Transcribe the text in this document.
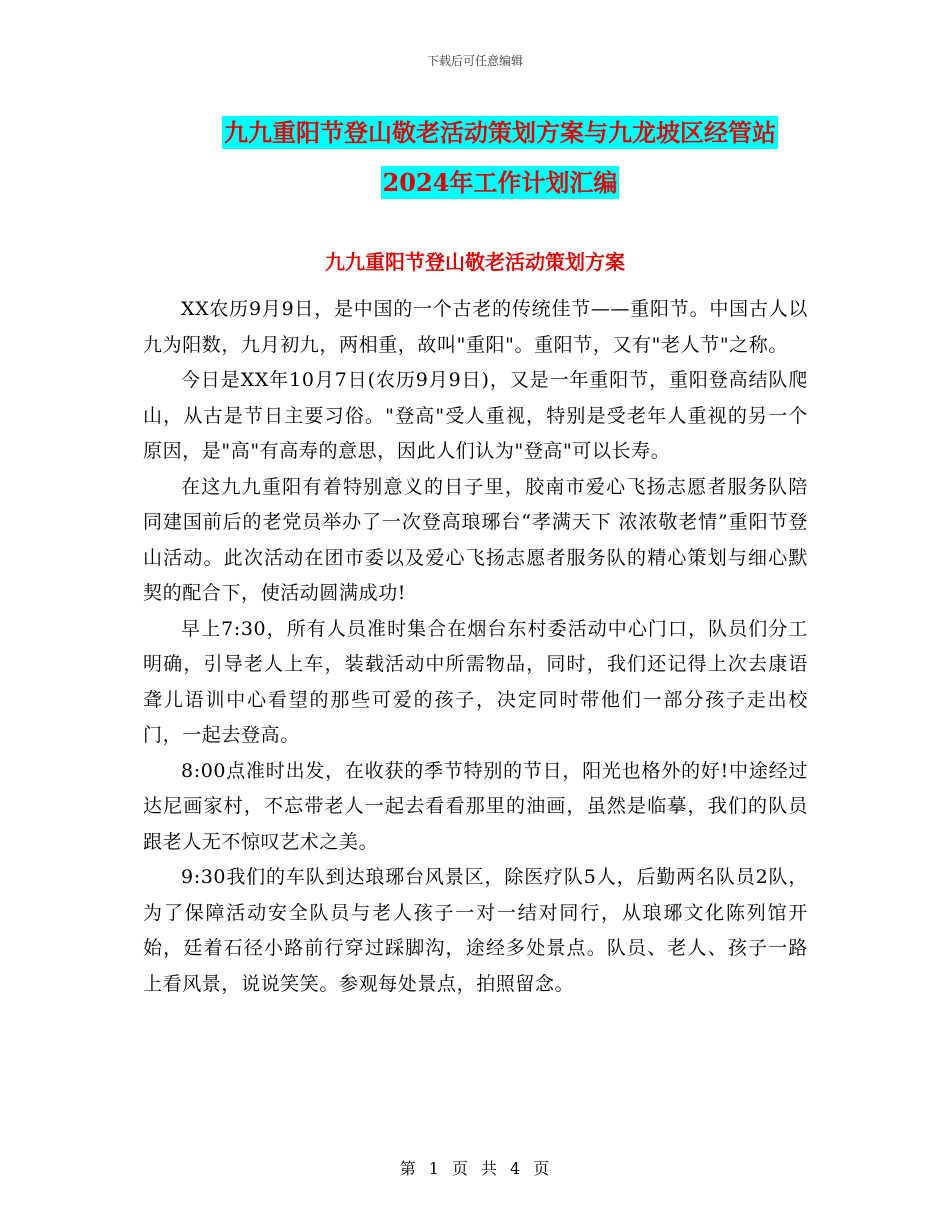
下载后可任意编辑
九九重阳节登山敬老活动策划方案与九龙坡区经管站
2024年工作计划汇编
九九重阳节登山敬老活动策划方案

XX农历9月9日，是中国的一个古老的传统佳节——重阳节。中国古人以九为阳数，九月初九，两相重，故叫"重阳"。重阳节，又有"老人节"之称。

今日是XX年10月7日(农历9月9日)，又是一年重阳节，重阳登高结队爬山，从古是节日主要习俗。"登高"受人重视，特别是受老年人重视的另一个原因，是"高"有高寿的意思，因此人们认为"登高"可以长寿。

在这九九重阳有着特别意义的日子里，胶南市爱心飞扬志愿者服务队陪同建国前后的老党员举办了一次登高琅琊台“孝满天下 浓浓敬老情”重阳节登山活动。此次活动在团市委以及爱心飞扬志愿者服务队的精心策划与细心默契的配合下，使活动圆满成功!

早上7:30，所有人员准时集合在烟台东村委活动中心门口，队员们分工明确，引导老人上车，装载活动中所需物品，同时，我们还记得上次去康语聋儿语训中心看望的那些可爱的孩子，决定同时带他们一部分孩子走出校门，一起去登高。

8:00点准时出发，在收获的季节特别的节日，阳光也格外的好!中途经过达尼画家村，不忘带老人一起去看看那里的油画，虽然是临摹，我们的队员跟老人无不惊叹艺术之美。

9:30我们的车队到达琅琊台风景区，除医疗队5人，后勤两名队员2队，为了保障活动安全队员与老人孩子一对一结对同行，从琅琊文化陈列馆开始，廷着石径小路前行穿过踩脚沟，途经多处景点。队员、老人、孩子一路上看风景，说说笑笑。参观每处景点，拍照留念。

第 1 页 共 4 页
